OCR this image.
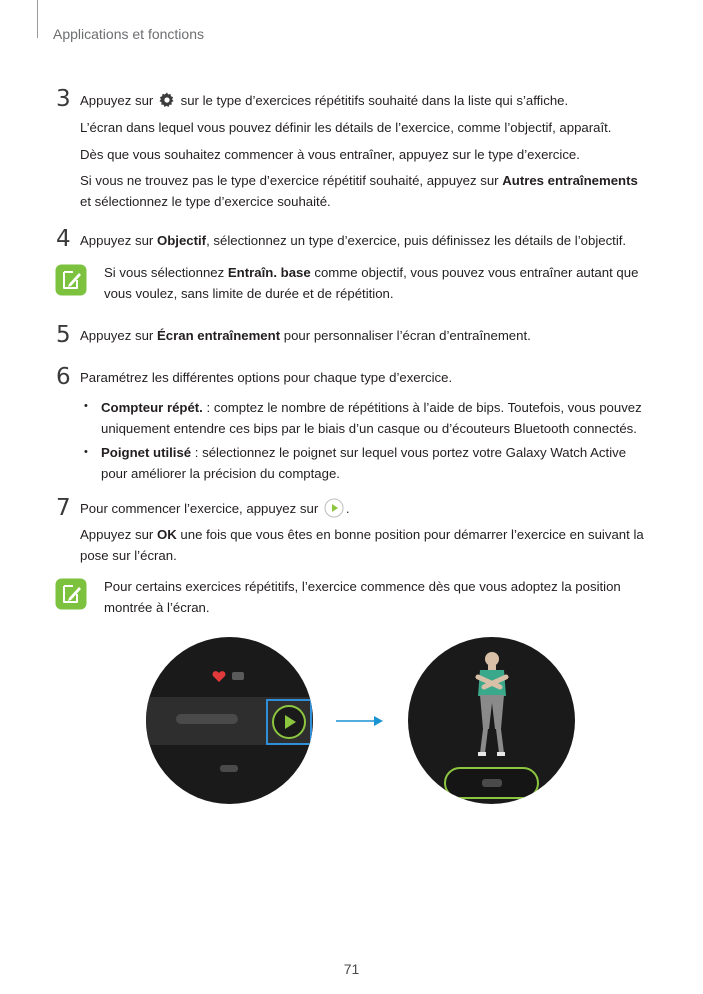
Applications et fonctions
3 Appuyez sur  sur le type d’exercices répétitifs souhaité dans la liste qui s’affiche.
L’écran dans lequel vous pouvez définir les détails de l’exercice, comme l’objectif, apparaît.
Dès que vous souhaitez commencer à vous entraîner, appuyez sur le type d’exercice.
Si vous ne trouvez pas le type d’exercice répétitif souhaité, appuyez sur Autres entraînements et sélectionnez le type d’exercice souhaité.
4 Appuyez sur Objectif, sélectionnez un type d’exercice, puis définissez les détails de l’objectif.
Si vous sélectionnez Entraîn. base comme objectif, vous pouvez vous entraîner autant que vous voulez, sans limite de durée et de répétition.
5 Appuyez sur Écran entraînement pour personnaliser l’écran d’entraînement.
6 Paramétrez les différentes options pour chaque type d’exercice.
• Compteur répét. : comptez le nombre de répétitions à l’aide de bips. Toutefois, vous pouvez uniquement entendre ces bips par le biais d’un casque ou d’écouteurs Bluetooth connectés.
• Poignet utilisé : sélectionnez le poignet sur lequel vous portez votre Galaxy Watch Active pour améliorer la précision du comptage.
7 Pour commencer l’exercice, appuyez sur .
Appuyez sur OK une fois que vous êtes en bonne position pour démarrer l’exercice en suivant la pose sur l’écran.
Pour certains exercices répétitifs, l’exercice commence dès que vous adoptez la position montrée à l’écran.
71
